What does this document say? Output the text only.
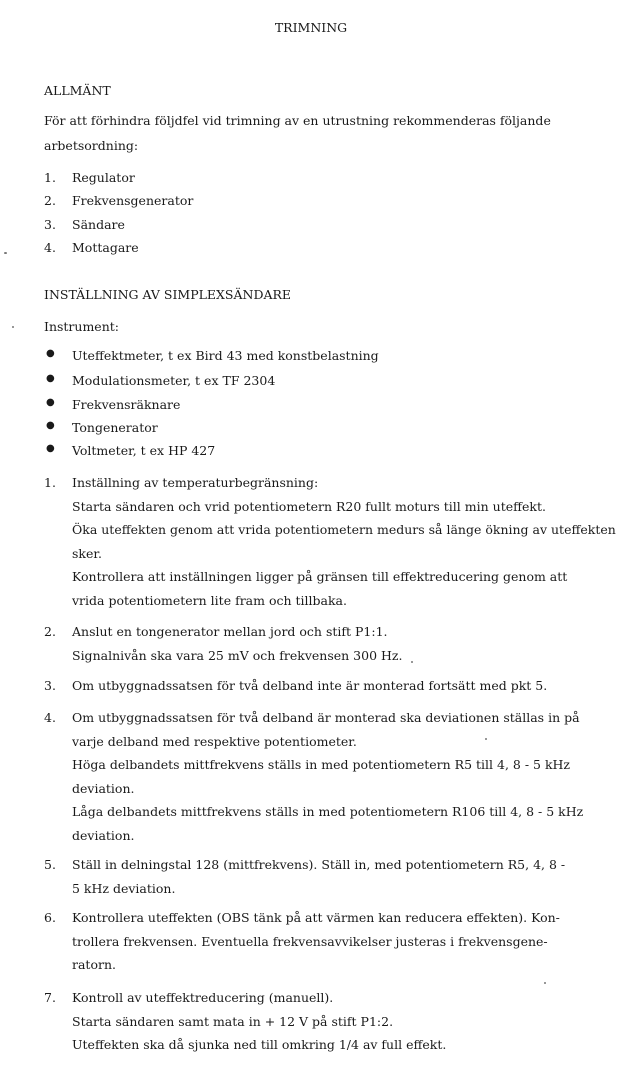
TRIMNING
ALLMÄNT
För att förhindra följdfel vid trimning av en utrustning rekommenderas följande arbetsordning:
1. Regulator
2. Frekvensgenerator
3. Sändare
4. Mottagare
INSTÄLLNING AV SIMPLEXSÄNDARE
Instrument:
● Uteffektmeter, t ex Bird 43 med konstbelastning
● Modulationsmeter, t ex TF 2304
● Frekvensräknare
● Tongenerator
● Voltmeter, t ex HP 427
1. Inställning av temperaturbegränsning:
Starta sändaren och vrid potentiometern R20 fullt moturs till min uteffekt.
Öka uteffekten genom att vrida potentiometern medurs så länge ökning av uteffekten
sker.
Kontrollera att inställningen ligger på gränsen till effektreducering genom att
vrida potentiometern lite fram och tillbaka.
2. Anslut en tongenerator mellan jord och stift P1:1.
Signalnivån ska vara 25 mV och frekvensen 300 Hz.
3. Om utbyggnadssatsen för två delband inte är monterad fortsätt med pkt 5.
4. Om utbyggnadssatsen för två delband är monterad ska deviationen ställas in på
varje delband med respektive potentiometer.
Höga delbandets mittfrekvens ställs in med potentiometern R5 till 4, 8 - 5 kHz
deviation.
Låga delbandets mittfrekvens ställs in med potentiometern R106 till 4, 8 - 5 kHz
deviation.
5. Ställ in delningstal 128 (mittfrekvens). Ställ in, med potentiometern R5, 4, 8 -
5 kHz deviation.
6. Kontrollera uteffekten (OBS tänk på att värmen kan reducera effekten). Kon-
trollera frekvensen. Eventuella frekvensavvikelser justeras i frekvensgene-
ratorn.
7. Kontroll av uteffektreducering (manuell).
Starta sändaren samt mata in + 12 V på stift P1:2.
Uteffekten ska då sjunka ned till omkring 1/4 av full effekt.
